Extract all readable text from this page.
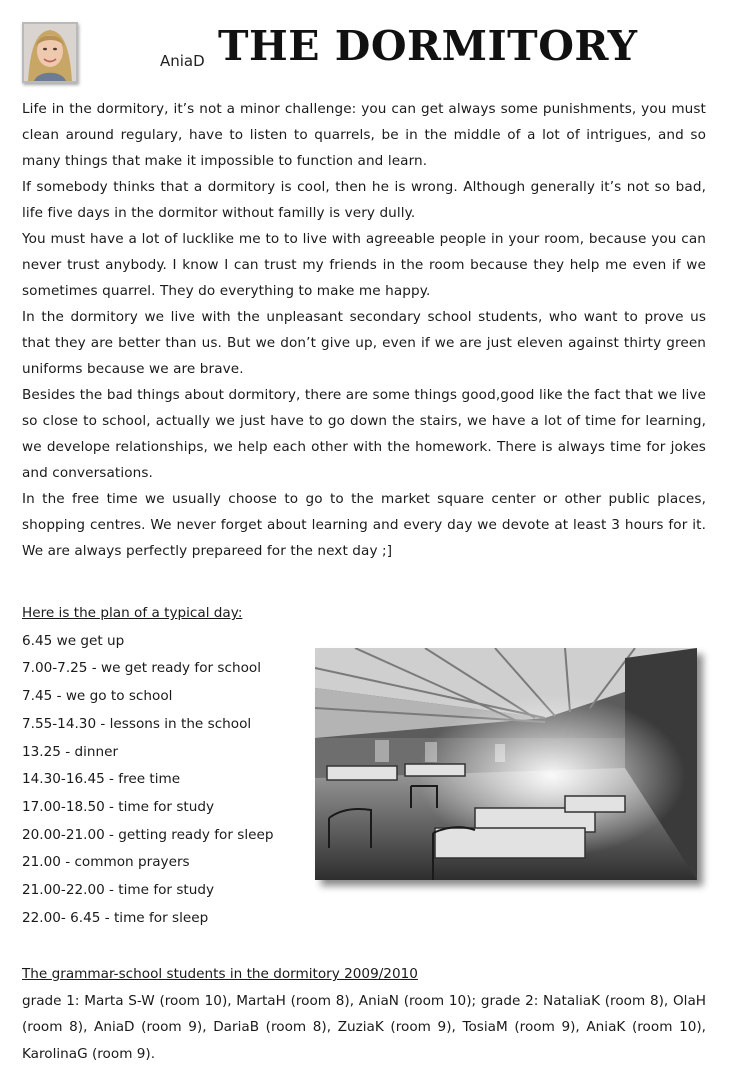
AniaD THE DORMITORY

Life in the dormitory, it’s not a minor challenge: you can get always some punishments, you must clean around regulary, have to listen to quarrels, be in the middle of a lot of intrigues, and so many things that make it impossible to function and learn.

If somebody thinks that a dormitory is cool, then he is wrong. Although generally it’s not so bad, life five days in the dormitor without familly is very dully.

You must have a lot of lucklike me to to live with agreeable people in your room, because you can never trust anybody. I know I can trust my friends in the room because they help me even if we sometimes quarrel. They do everything to make me happy.

In the dormitory we live with the unpleasant secondary school students, who want to prove us that they are better than us. But we don’t give up, even if we are just eleven against thirty green uniforms because we are brave.

Besides the bad things about dormitory, there are some things good,good like the fact that we live so close to school, actually we just have to go down the stairs, we have a lot of time for learning, we develope relationships, we help each other with the homework. There is always time for jokes and conversations.

In the free time we usually choose to go to the market square center or other public places, shopping centres. We never forget about learning and every day we devote at least 3 hours for it. We are always perfectly prepareed for the next day ;]

Here is the plan of a typical day:
6.45 we get up
7.00-7.25 - we get ready for school
7.45 - we go to school
7.55-14.30 - lessons in the school
13.25 - dinner
14.30-16.45 - free time
17.00-18.50 - time for study
20.00-21.00 - getting ready for sleep
21.00 - common prayers
21.00-22.00 - time for study
22.00- 6.45 - time for sleep
The grammar-school students in the dormitory 2009/2010

grade 1: Marta S-W (room 10), MartaH (room 8), AniaN (room 10); grade 2: NataliaK (room 8), OlaH (room 8), AniaD (room 9), DariaB (room 8), ZuziaK (room 9), TosiaM (room 9), AniaK (room 10), KarolinaG (room 9).
